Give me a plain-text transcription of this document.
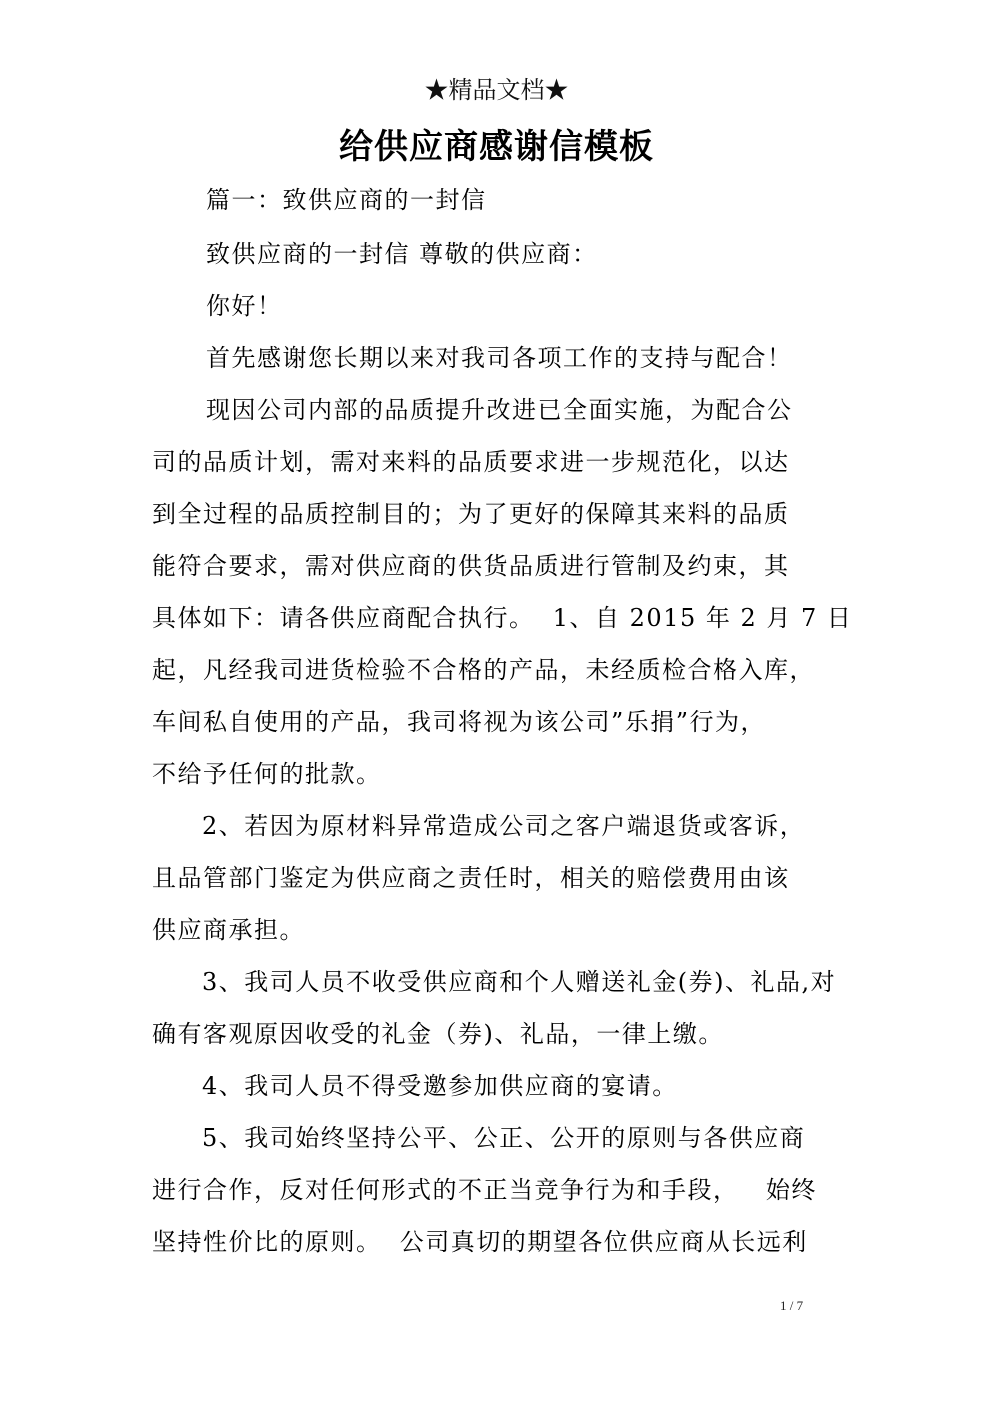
★精品文档★
给供应商感谢信模板
篇一：致供应商的一封信
致供应商的一封信 尊敬的供应商：
你好！
首先感谢您长期以来对我司各项工作的支持与配合！
现因公司内部的品质提升改进已全面实施，为配合公
司的品质计划，需对来料的品质要求进一步规范化，以达
到全过程的品质控制目的；为了更好的保障其来料的品质
能符合要求，需对供应商的供货品质进行管制及约束，其
具体如下：请各供应商配合执行。  1、自 2015 年 2 月 7 日
起，凡经我司进货检验不合格的产品，未经质检合格入库，
车间私自使用的产品，我司将视为该公司”乐捐”行为，
不给予任何的批款。
2、若因为原材料异常造成公司之客户端退货或客诉，
且品管部门鉴定为供应商之责任时，相关的赔偿费用由该
供应商承担。
3、我司人员不收受供应商和个人赠送礼金(券)、礼品,对
确有客观原因收受的礼金（券)、礼品，一律上缴。
4、我司人员不得受邀参加供应商的宴请。
5、我司始终坚持公平、公正、公开的原则与各供应商
进行合作，反对任何形式的不正当竞争行为和手段，   始终
坚持性价比的原则。  公司真切的期望各位供应商从长远利
1 / 7
